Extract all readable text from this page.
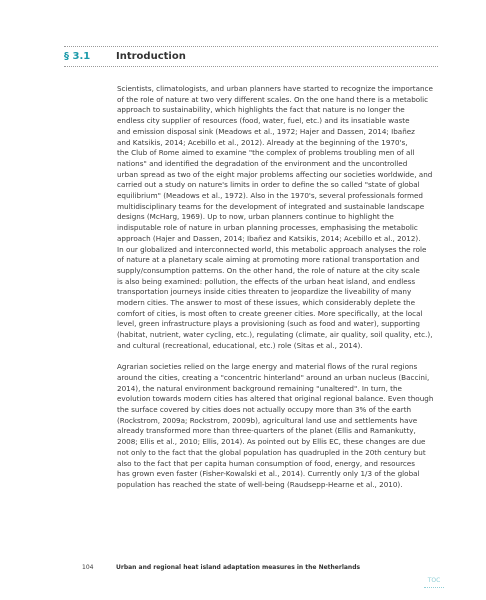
§ 3.1	Introduction

Scientists, climatologists, and urban planners have started to recognize the importance
of the role of nature at two very different scales. On the one hand there is a metabolic
approach to sustainability, which highlights the fact that nature is no longer the
endless city supplier of resources (food, water, fuel, etc.) and its insatiable waste
and emission disposal sink (Meadows et al., 1972; Hajer and Dassen, 2014; Ibañez
and Katsikis, 2014; Acebillo et al., 2012). Already at the beginning of the 1970's,
the Club of Rome aimed to examine "the complex of problems troubling men of all
nations" and identified the degradation of the environment and the uncontrolled
urban spread as two of the eight major problems affecting our societies worldwide, and
carried out a study on nature's limits in order to define the so called "state of global
equilibrium" (Meadows et al., 1972). Also in the 1970's, several professionals formed
multidisciplinary teams for the development of integrated and sustainable landscape
designs (McHarg, 1969). Up to now, urban planners continue to highlight the
indisputable role of nature in urban planning processes, emphasising the metabolic
approach (Hajer and Dassen, 2014; Ibañez and Katsikis, 2014; Acebillo et al., 2012).
In our globalized and interconnected world, this metabolic approach analyses the role
of nature at a planetary scale aiming at promoting more rational transportation and
supply/consumption patterns. On the other hand, the role of nature at the city scale
is also being examined: pollution, the effects of the urban heat island, and endless
transportation journeys inside cities threaten to jeopardize the liveability of many
modern cities. The answer to most of these issues, which considerably deplete the
comfort of cities, is most often to create greener cities. More specifically, at the local
level, green infrastructure plays a provisioning (such as food and water), supporting
(habitat, nutrient, water cycling, etc.), regulating (climate, air quality, soil quality, etc.),
and cultural (recreational, educational, etc.) role (Sitas et al., 2014).

Agrarian societies relied on the large energy and material flows of the rural regions
around the cities, creating a "concentric hinterland" around an urban nucleus (Baccini,
2014), the natural environment background remaining "unaltered". In turn, the
evolution towards modern cities has altered that original regional balance. Even though
the surface covered by cities does not actually occupy more than 3% of the earth
(Rockstrom, 2009a; Rockstrom, 2009b), agricultural land use and settlements have
already transformed more than three-quarters of the planet (Ellis and Ramankutty,
2008; Ellis et al., 2010; Ellis, 2014). As pointed out by Ellis EC, these changes are due
not only to the fact that the global population has quadrupled in the 20th century but
also to the fact that per capita human consumption of food, energy, and resources
has grown even faster (Fisher-Kowalski et al., 2014). Currently only 1/3 of the global
population has reached the state of well-being (Raudsepp-Hearne et al., 2010).

104	Urban and regional heat island adaptation measures in the Netherlands
TOC
